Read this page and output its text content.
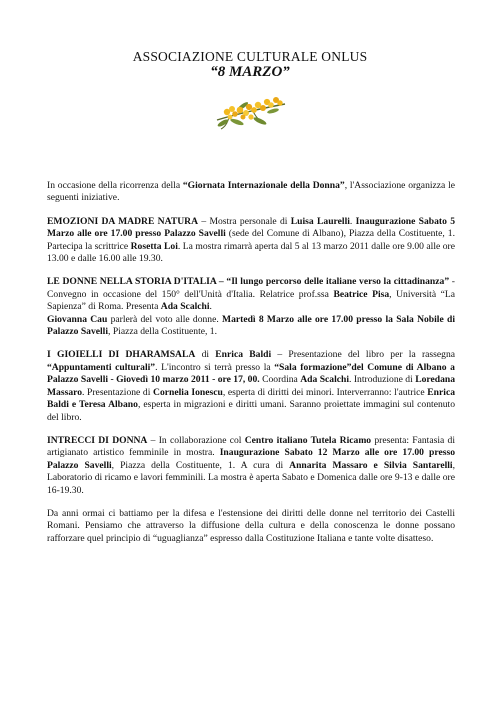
ASSOCIAZIONE CULTURALE ONLUS
“8 MARZO”

In occasione della ricorrenza della “Giornata Internazionale della Donna”, l'Associazione organizza le seguenti iniziative.

EMOZIONI DA MADRE NATURA – Mostra personale di Luisa Laurelli. Inaugurazione Sabato 5 Marzo alle ore 17.00 presso Palazzo Savelli (sede del Comune di Albano), Piazza della Costituente, 1. Partecipa la scrittrice Rosetta Loi. La mostra rimarrà aperta dal 5 al 13 marzo 2011 dalle ore 9.00 alle ore 13.00 e dalle 16.00 alle 19.30.

LE DONNE NELLA STORIA D'ITALIA – “Il lungo percorso delle italiane verso la cittadinanza” - Convegno in occasione del 150° dell'Unità d'Italia. Relatrice prof.ssa Beatrice Pisa, Università “La Sapienza” di Roma. Presenta Ada Scalchi.

Giovanna Cau parlerà del voto alle donne. Martedì 8 Marzo alle ore 17.00 presso la Sala Nobile di Palazzo Savelli, Piazza della Costituente, 1.

I GIOIELLI DI DHARAMSALA di Enrica Baldi – Presentazione del libro per la rassegna “Appuntamenti culturali”. L'incontro si terrà presso la “Sala formazione”del Comune di Albano a Palazzo Savelli - Giovedì 10 marzo 2011 - ore 17, 00. Coordina Ada Scalchi. Introduzione di Loredana Massaro. Presentazione di Cornelia Ionescu, esperta di diritti dei minori. Interverranno: l'autrice Enrica Baldi e Teresa Albano, esperta in migrazioni e diritti umani. Saranno proiettate immagini sul contenuto del libro.

INTRECCI DI DONNA – In collaborazione col Centro italiano Tutela Ricamo presenta: Fantasia di artigianato artistico femminile in mostra. Inaugurazione Sabato 12 Marzo alle ore 17.00 presso Palazzo Savelli, Piazza della Costituente, 1. A cura di Annarita Massaro e Silvia Santarelli, Laboratorio di ricamo e lavori femminili. La mostra è aperta Sabato e Domenica dalle ore 9-13 e dalle ore 16-19.30.

Da anni ormai ci battiamo per la difesa e l'estensione dei diritti delle donne nel territorio dei Castelli Romani. Pensiamo che attraverso la diffusione della cultura e della conoscenza le donne possano rafforzare quel principio di “uguaglianza” espresso dalla Costituzione Italiana e tante volte disatteso.
